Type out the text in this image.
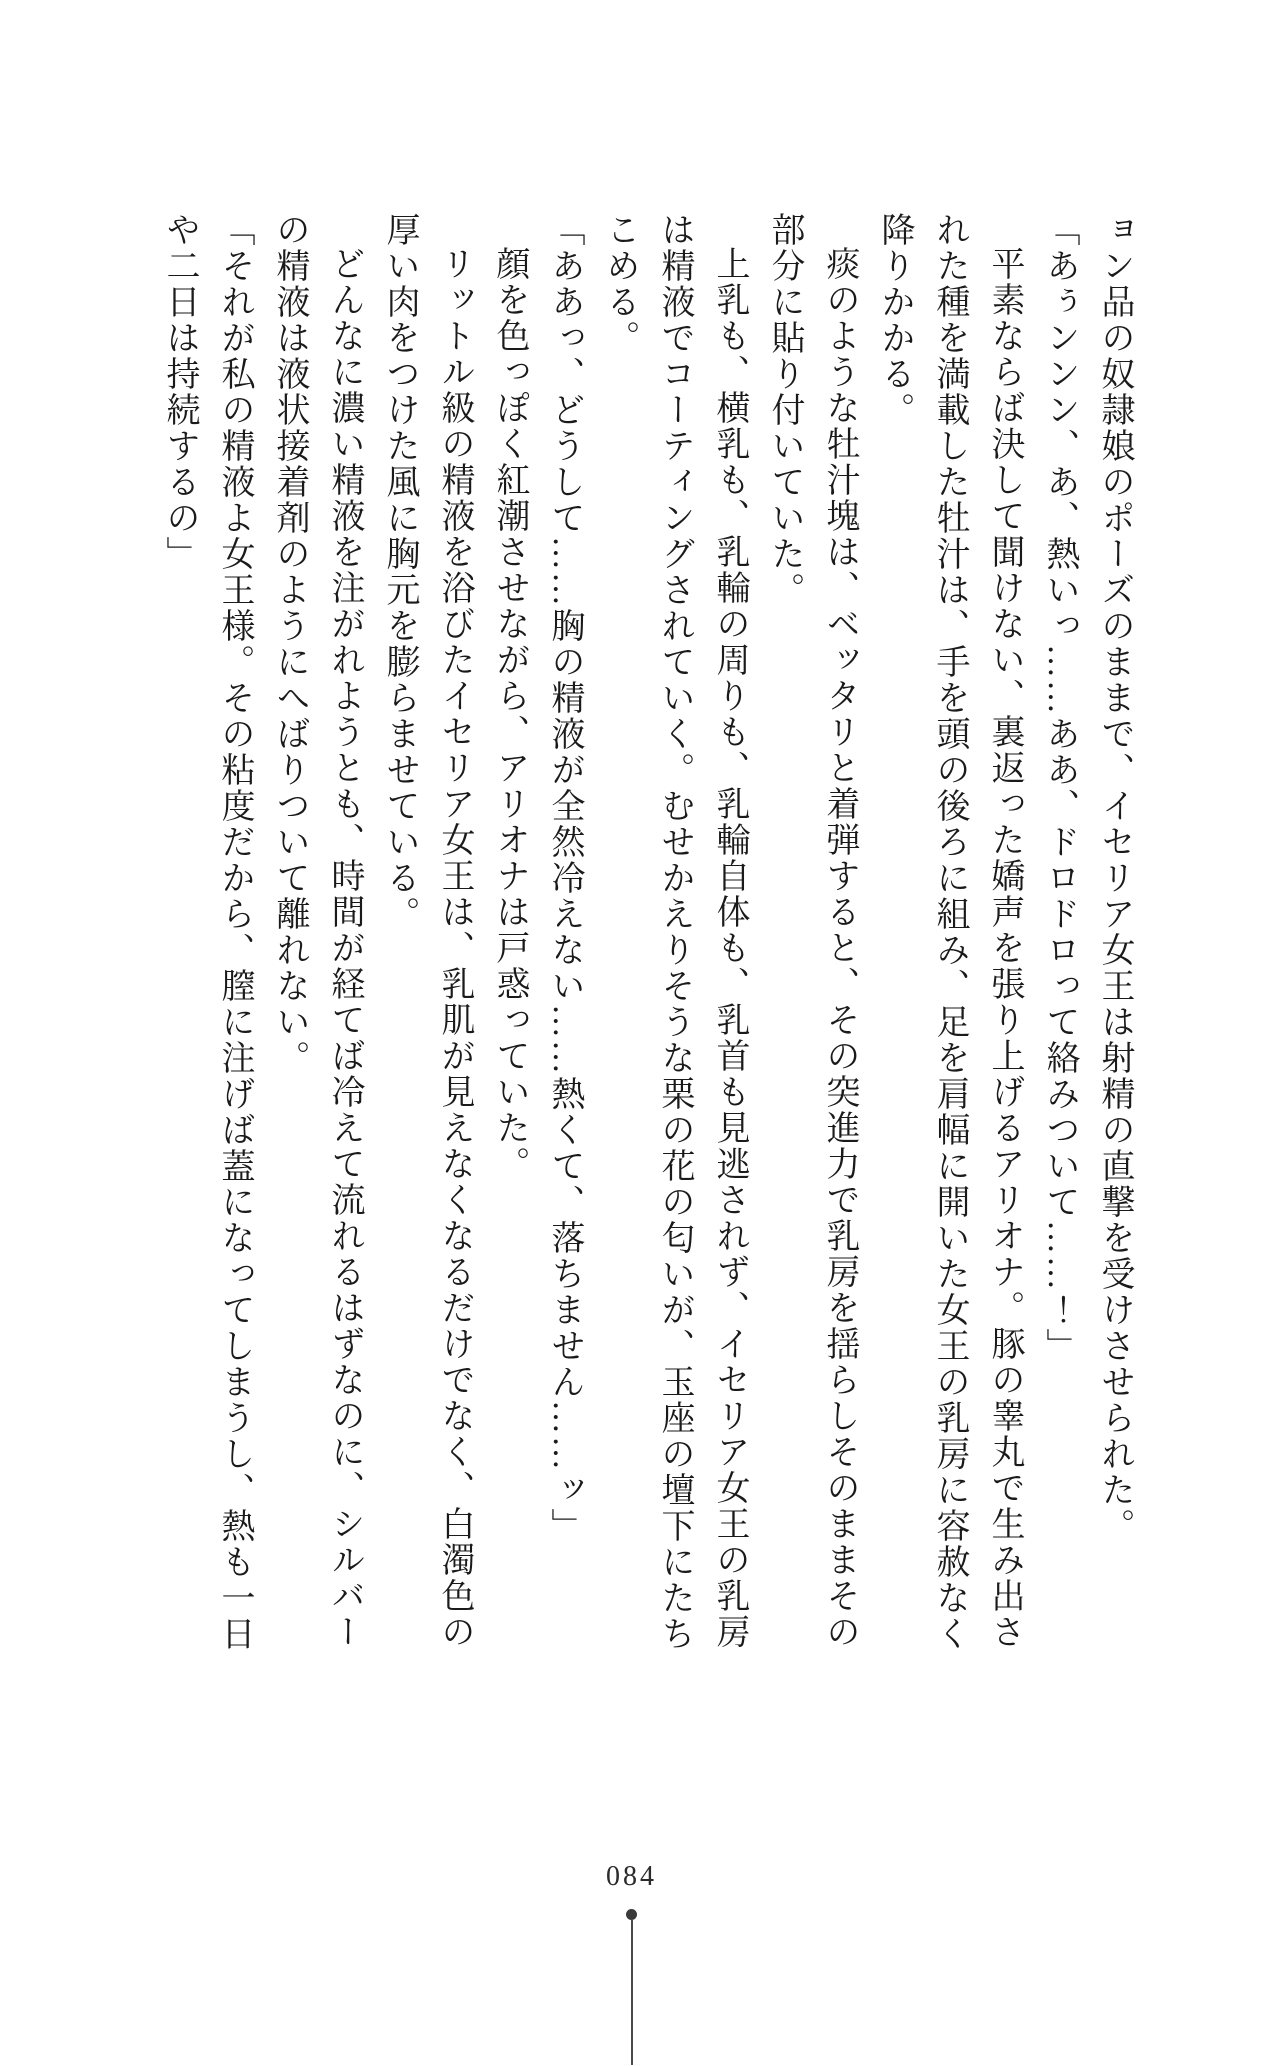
ョン品の奴隷娘のポーズのままで、イセリア女王は射精の直撃を受けさせられた。

「あぅンンン、あ、熱いっ……ああ、ドロドロって絡みついて……！」

平素ならば決して聞けない、裏返った嬌声を張り上げるアリオナ。豚の睾丸で生み出された種を満載した牡汁は、手を頭の後ろに組み、足を肩幅に開いた女王の乳房に容赦なく降りかかる。

痰のような牡汁塊は、ベッタリと着弾すると、その突進力で乳房を揺らしそのままその部分に貼り付いていた。

上乳も、横乳も、乳輪の周りも、乳輪自体も、乳首も見逃されず、イセリア女王の乳房は精液でコーティングされていく。むせかえりそうな栗の花の匂いが、玉座の壇下にたちこめる。

「ああっ、どうして……胸の精液が全然冷えない……熱くて、落ちません……ッ」

顔を色っぽく紅潮させながら、アリオナは戸惑っていた。

リットル級の精液を浴びたイセリア女王は、乳肌が見えなくなるだけでなく、白濁色の厚い肉をつけた風に胸元を膨らませている。

どんなに濃い精液を注がれようとも、時間が経てば冷えて流れるはずなのに、シルバーの精液は液状接着剤のようにへばりついて離れない。

「それが私の精液よ女王様。その粘度だから、膣に注げば蓋になってしまうし、熱も一日や二日は持続するの」

084
